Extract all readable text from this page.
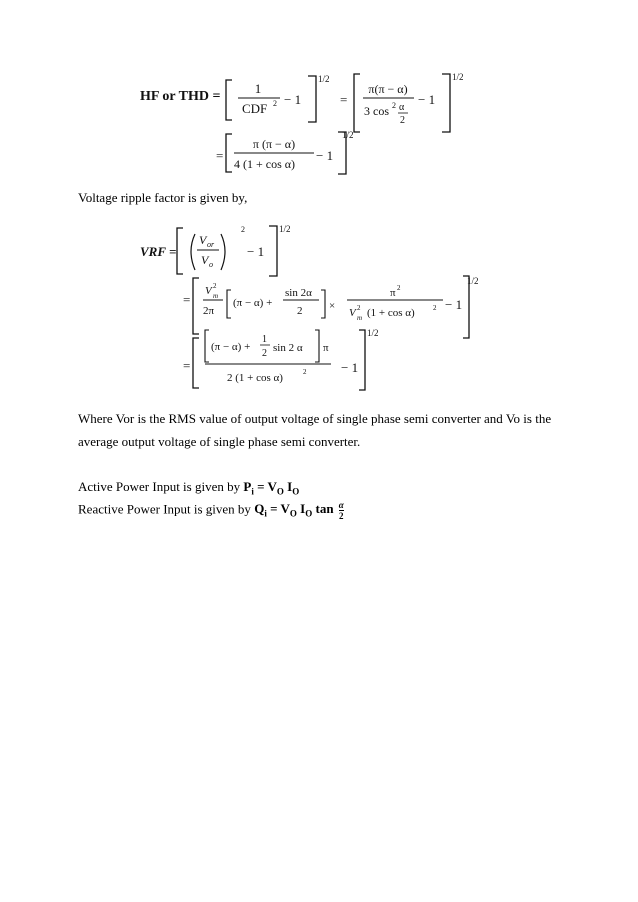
HF or THD =
1
CDF 2 − 1
1/2
=
π(π − α)
3 cos 2 α
2
− 1
1/2
=
π (π − α)
4 (1 + cos α)
− 1
1/2

Voltage ripple factor is given by,

VRF =
V or
V o
2
− 1
1/2
=
V 2
m
2π
(π − α) +
sin 2α
2 ×
π 2
V 2
m (1 + cos α)	2 − 1
1/2
=
(π − α) +
1
2 sin 2 α π
2 (1 + cos α)	2	− 1
1/2

Where Vor is the RMS value of output voltage of single phase semi converter and Vo is the

average output voltage of single phase semi converter.

Active Power Input is given by $P_i = V_O$ $I_O$

Reactive Power Input is given by $Q_i = V_O$ $I_O$ $\tan \frac{\alpha}{2}$
